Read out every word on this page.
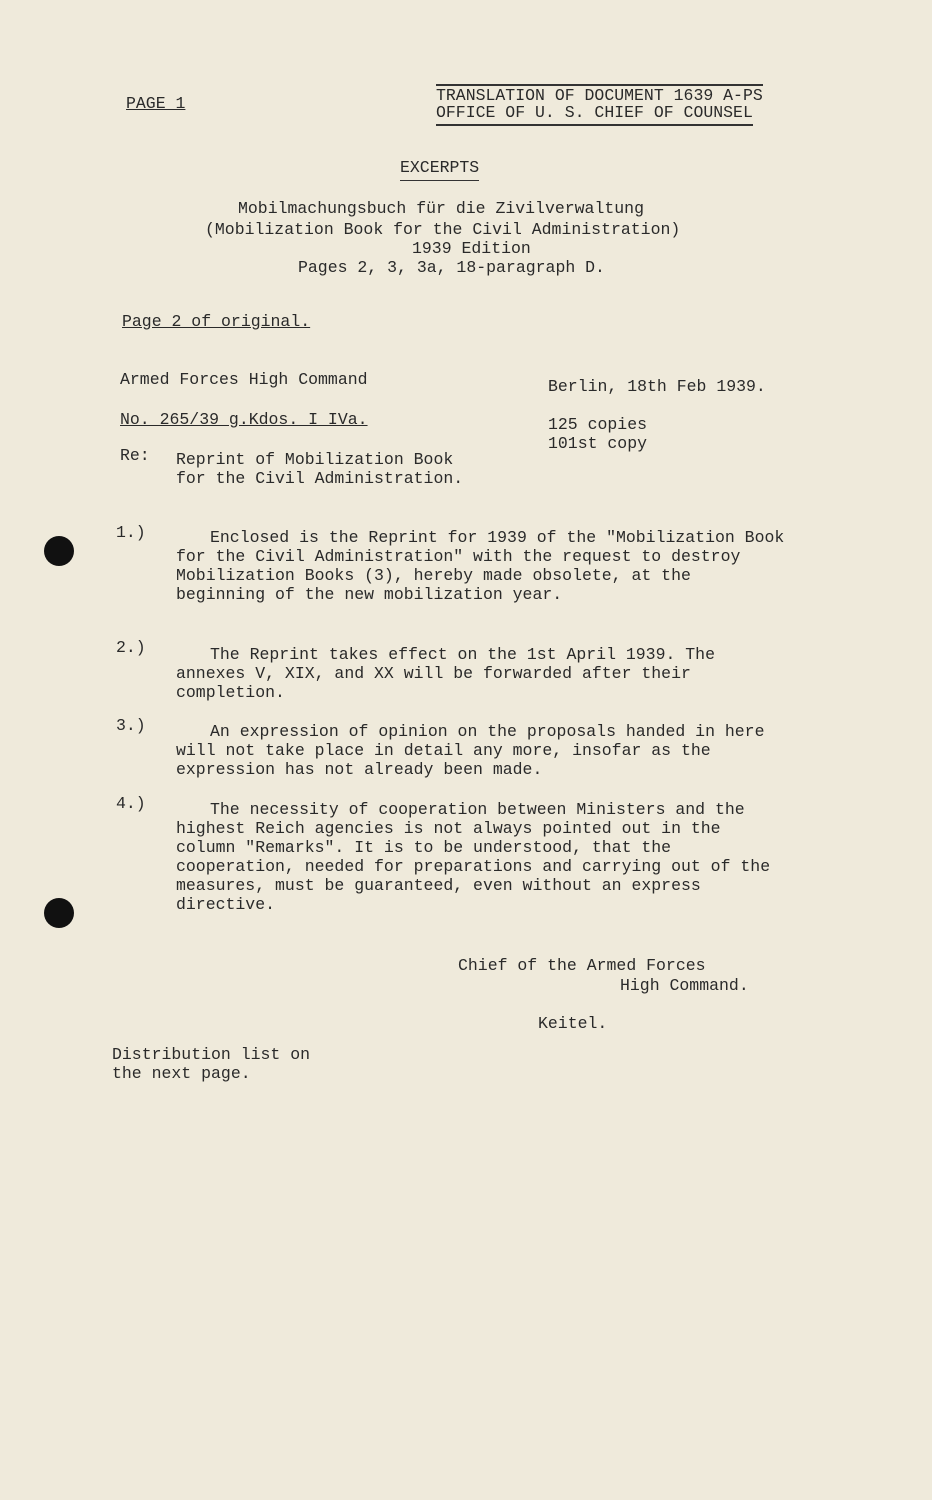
PAGE 1	TRANSLATION OF DOCUMENT 1639 A-PS
OFFICE OF U. S. CHIEF OF COUNSEL
EXCERPTS
Mobilmachungsbuch für die Zivilverwaltung
(Mobilization Book for the Civil Administration)
1939 Edition
Pages 2, 3, 3a, 18-paragraph D.
Page 2 of original.
Armed Forces High Command
No. 265/39 g.Kdos. I IVa.
Berlin, 18th Feb 1939.
125 copies
101st copy
Re: Reprint of Mobilization Book
for the Civil Administration.
1.)	Enclosed is the Reprint for 1939 of the "Mobilization Book for the Civil Administration" with the request to destroy Mobilization Books (3), hereby made obsolete, at the beginning of the new mobilization year.
2.)	The Reprint takes effect on the 1st April 1939. The annexes V, XIX, and XX will be forwarded after their completion.
3.)	An expression of opinion on the proposals handed in here will not take place in detail any more, insofar as the expression has not already been made.
4.)	The necessity of cooperation between Ministers and the highest Reich agencies is not always pointed out in the column "Remarks". It is to be understood, that the cooperation, needed for preparations and carrying out of the measures, must be guaranteed, even without an express directive.
Chief of the Armed Forces
High Command.
Keitel.
Distribution list on
the next page.
